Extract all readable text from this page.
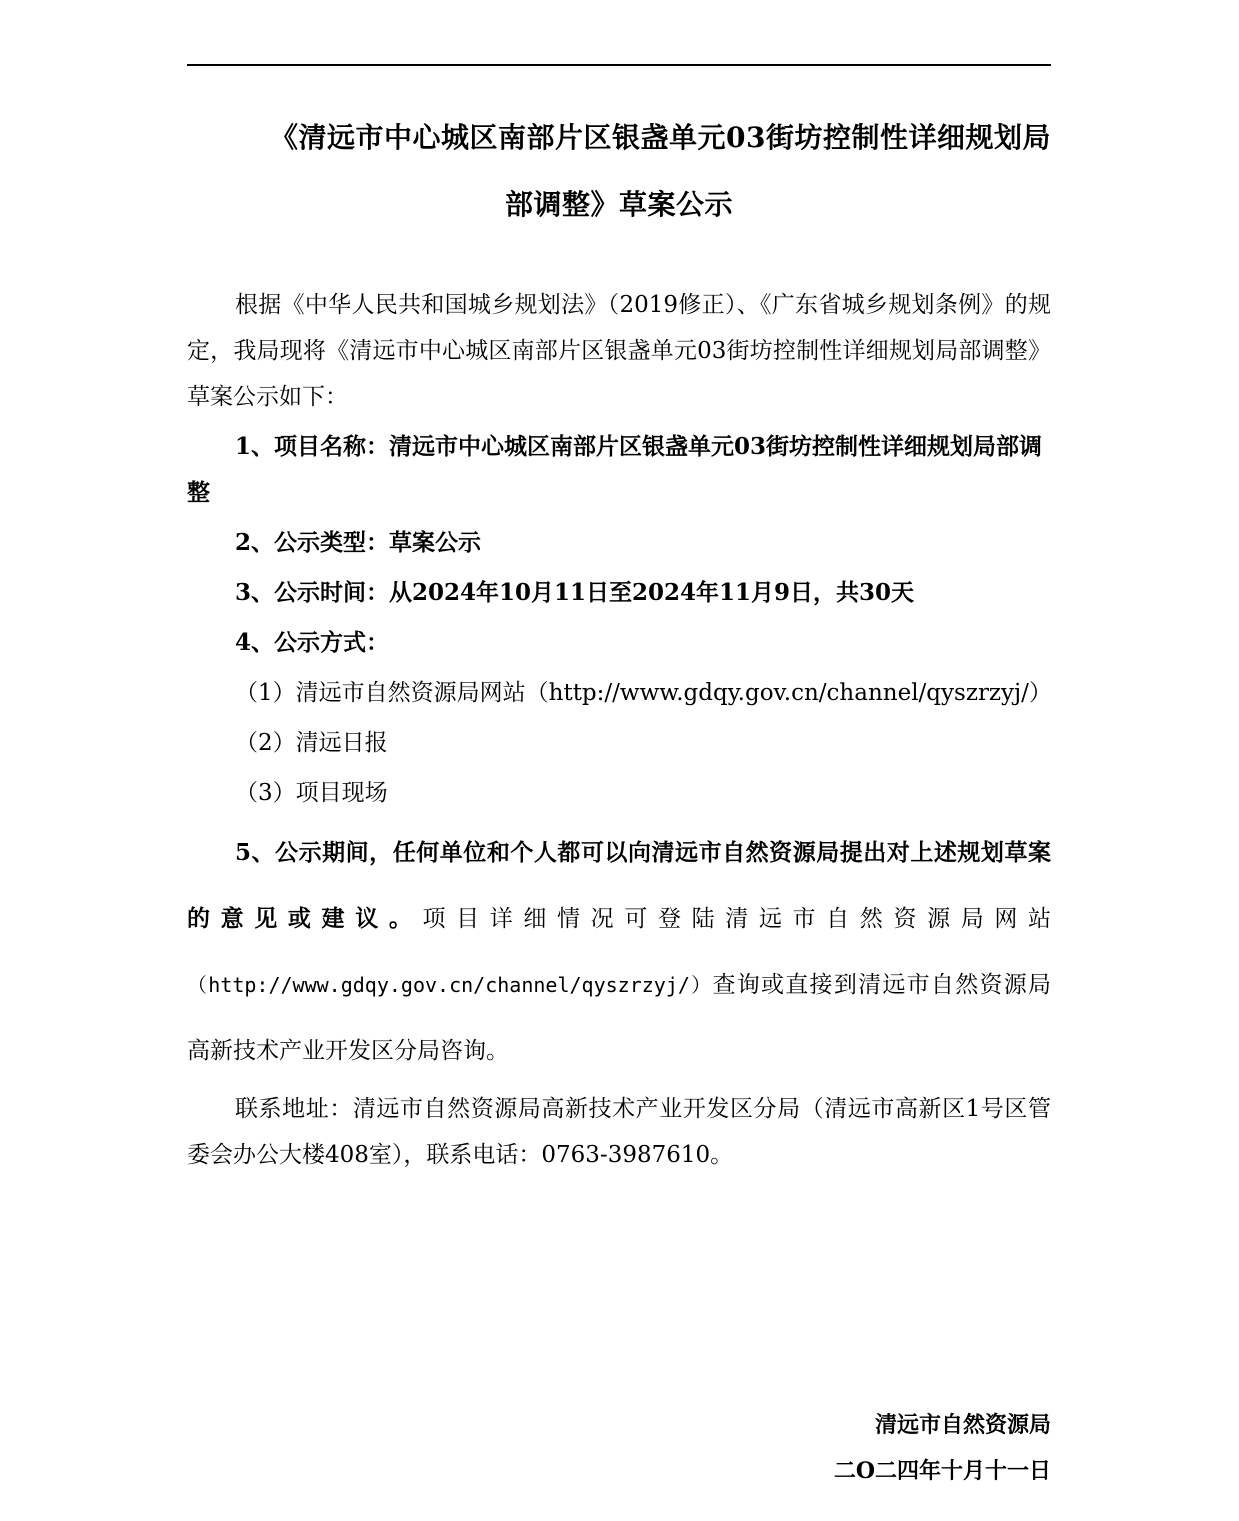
《清远市中心城区南部片区银盏单元03街坊控制性详细规划局
部调整》草案公示

根据《中华人民共和国城乡规划法》（2019修正）、《广东省城乡规划条例》的规定，我局现将《清远市中心城区南部片区银盏单元03街坊控制性详细规划局部调整》草案公示如下：

1、项目名称：清远市中心城区南部片区银盏单元03街坊控制性详细规划局部调整

2、公示类型：草案公示

3、公示时间：从2024年10月11日至2024年11月9日，共30天

4、公示方式：

（1）清远市自然资源局网站（http://www.gdqy.gov.cn/channel/qyszrzyj/）

（2）清远日报

（3）项目现场

5、公示期间，任何单位和个人都可以向清远市自然资源局提出对上述规划草案的意见或建议。项目详细情况可登陆清远市自然资源局网站（http://www.gdqy.gov.cn/channel/qyszrzyj/）查询或直接到清远市自然资源局高新技术产业开发区分局咨询。

联系地址：清远市自然资源局高新技术产业开发区分局（清远市高新区1号区管委会办公大楼408室），联系电话：0763-3987610。

清远市自然资源局
二O二四年十月十一日
